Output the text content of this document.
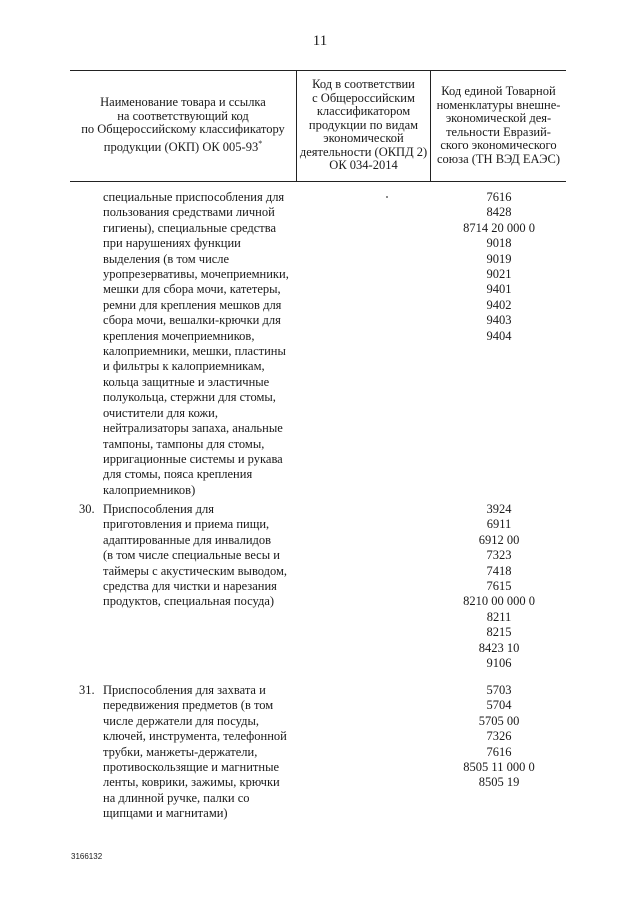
11
Наименование товара и ссылка
на соответствующий код
по Общероссийскому классификатору
продукции (ОКП) ОК 005-93*
Код в соответствии
с Общероссийским
классификатором
продукции по видам
экономической
деятельности (ОКПД 2)
ОК 034-2014
Код единой Товарной
номенклатуры внешне-
экономической дея-
тельности Евразий-
ского экономического
союза (ТН ВЭД ЕАЭС)
специальные приспособления для
пользования средствами личной
гигиены), специальные средства
при нарушениях функции
выделения (в том числе
уропрезервативы, мочеприемники,
мешки для сбора мочи, катетеры,
ремни для крепления мешков для
сбора мочи, вешалки-крючки для
крепления мочеприемников,
калоприемники, мешки, пластины
и фильтры к калоприемникам,
кольца защитные и эластичные
полукольца, стержни для стомы,
очистители для кожи,
нейтрализаторы запаха, анальные
тампоны, тампоны для стомы,
ирригационные системы и рукава
для стомы, пояса крепления
калоприемников)
7616
8428
8714 20 000 0
9018
9019
9021
9401
9402
9403
9404
30. Приспособления для
приготовления и приема пищи,
адаптированные для инвалидов
(в том числе специальные весы и
таймеры с акустическим выводом,
средства для чистки и нарезания
продуктов, специальная посуда)
3924
6911
6912 00
7323
7418
7615
8210 00 000 0
8211
8215
8423 10
9106
31. Приспособления для захвата и
передвижения предметов (в том
числе держатели для посуды,
ключей, инструмента, телефонной
трубки, манжеты-держатели,
противоскользящие и магнитные
ленты, коврики, зажимы, крючки
на длинной ручке, палки со
щипцами и магнитами)
5703
5704
5705 00
7326
7616
8505 11 000 0
8505 19
3166132
